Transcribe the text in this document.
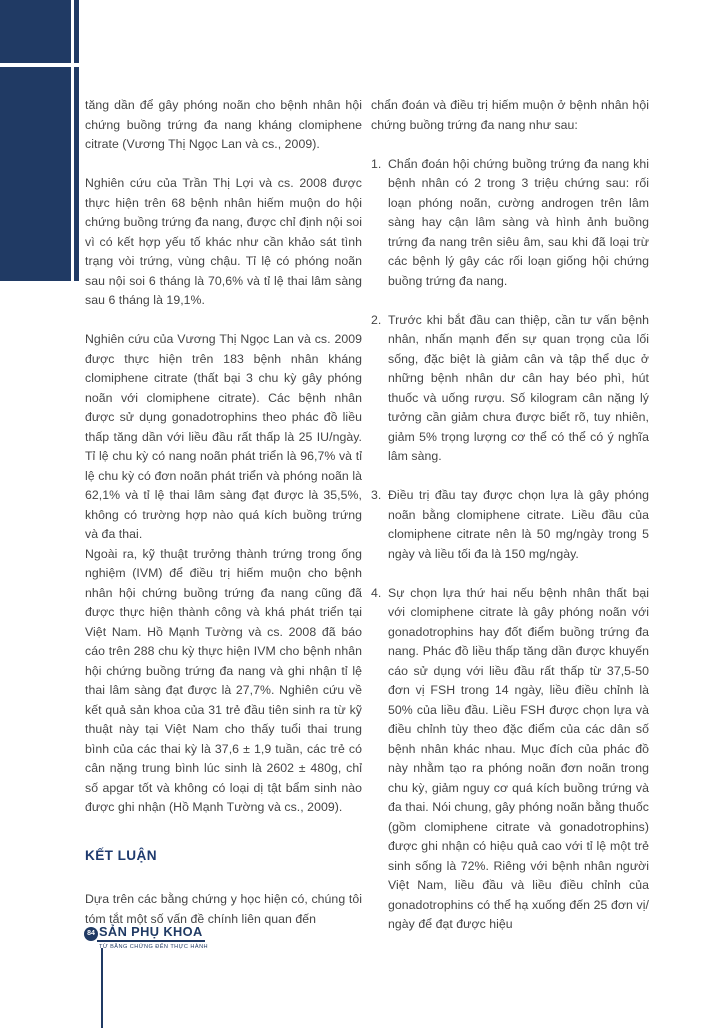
tăng dần để gây phóng noãn cho bệnh nhân hội chứng buồng trứng đa nang kháng clomiphene citrate (Vương Thị Ngọc Lan và cs., 2009).

Nghiên cứu của Trần Thị Lợi và cs. 2008 được thực hiện trên 68 bệnh nhân hiếm muộn do hội chứng buồng trứng đa nang, được chỉ định nội soi vì có kết hợp yếu tố khác như cần khảo sát tình trạng vòi trứng, vùng chậu. Tỉ lệ có phóng noãn sau nội soi 6 tháng là 70,6% và tỉ lệ thai lâm sàng sau 6 tháng là 19,1%.

Nghiên cứu của Vương Thị Ngọc Lan và cs. 2009 được thực hiện trên 183 bệnh nhân kháng clomiphene citrate (thất bại 3 chu kỳ gây phóng noãn với clomiphene citrate). Các bệnh nhân được sử dụng gonadotrophins theo phác đồ liều thấp tăng dần với liều đầu rất thấp là 25 IU/ngày. Tỉ lệ chu kỳ có nang noãn phát triển là 96,7% và tỉ lệ chu kỳ có đơn noãn phát triển và phóng noãn là 62,1% và tỉ lệ thai lâm sàng đạt được là 35,5%, không có trường hợp nào quá kích buồng trứng và đa thai.

Ngoài ra, kỹ thuật trưởng thành trứng trong ống nghiệm (IVM) để điều trị hiếm muộn cho bệnh nhân hội chứng buồng trứng đa nang cũng đã được thực hiện thành công và khá phát triển tại Việt Nam. Hồ Mạnh Tường và cs. 2008 đã báo cáo trên 288 chu kỳ thực hiện IVM cho bệnh nhân hội chứng buồng trứng đa nang và ghi nhận tỉ lệ thai lâm sàng đạt được là 27,7%. Nghiên cứu về kết quả sản khoa của 31 trẻ đầu tiên sinh ra từ kỹ thuật này tại Việt Nam cho thấy tuổi thai trung bình của các thai kỳ là 37,6 ± 1,9 tuần, các trẻ có cân nặng trung bình lúc sinh là 2602 ± 480g, chỉ số apgar tốt và không có loại dị tật bẩm sinh nào được ghi nhận (Hồ Mạnh Tường và cs., 2009).

KẾT LUẬN

Dựa trên các bằng chứng y học hiện có, chúng tôi tóm tắt một số vấn đề chính liên quan đến

chẩn đoán và điều trị hiếm muộn ở bệnh nhân hội chứng buồng trứng đa nang như sau:

1. Chẩn đoán hội chứng buồng trứng đa nang khi bệnh nhân có 2 trong 3 triệu chứng sau: rối loạn phóng noãn, cường androgen trên lâm sàng hay cận lâm sàng và hình ảnh buồng trứng đa nang trên siêu âm, sau khi đã loại trừ các bệnh lý gây các rối loạn giống hội chứng buồng trứng đa nang.
2. Trước khi bắt đầu can thiệp, cần tư vấn bệnh nhân, nhấn mạnh đến sự quan trọng của lối sống, đặc biệt là giảm cân và tập thể dục ở những bệnh nhân dư cân hay béo phì, hút thuốc và uống rượu. Số kilogram cân nặng lý tưởng cần giảm chưa được biết rõ, tuy nhiên, giảm 5% trọng lượng cơ thể có thể có ý nghĩa lâm sàng.
3. Điều trị đầu tay được chọn lựa là gây phóng noãn bằng clomiphene citrate. Liều đầu của clomiphene citrate nên là 50 mg/ngày trong 5 ngày và liều tối đa là 150 mg/ngày.
4. Sự chọn lựa thứ hai nếu bệnh nhân thất bại với clomiphene citrate là gây phóng noãn với gonadotrophins hay đốt điểm buồng trứng đa nang. Phác đồ liều thấp tăng dần được khuyến cáo sử dụng với liều đầu rất thấp từ 37,5-50 đơn vị FSH trong 14 ngày, liều điều chỉnh là 50% của liều đầu. Liều FSH được chọn lựa và điều chỉnh tùy theo đặc điểm của các dân số bệnh nhân khác nhau. Mục đích của phác đồ này nhằm tạo ra phóng noãn đơn noãn trong chu kỳ, giảm nguy cơ quá kích buồng trứng và đa thai. Nói chung, gây phóng noãn bằng thuốc (gồm clomiphene citrate và gonadotrophins) được ghi nhận có hiệu quả cao với tỉ lệ một trẻ sinh sống là 72%. Riêng với bệnh nhân người Việt Nam, liều đầu và liều điều chỉnh của gonadotrophins có thể hạ xuống đến 25 đơn vị/ ngày để đạt được hiệu
84 SẢN PHỤ KHOA
TỪ BẰNG CHỨNG ĐẾN THỰC HÀNH
